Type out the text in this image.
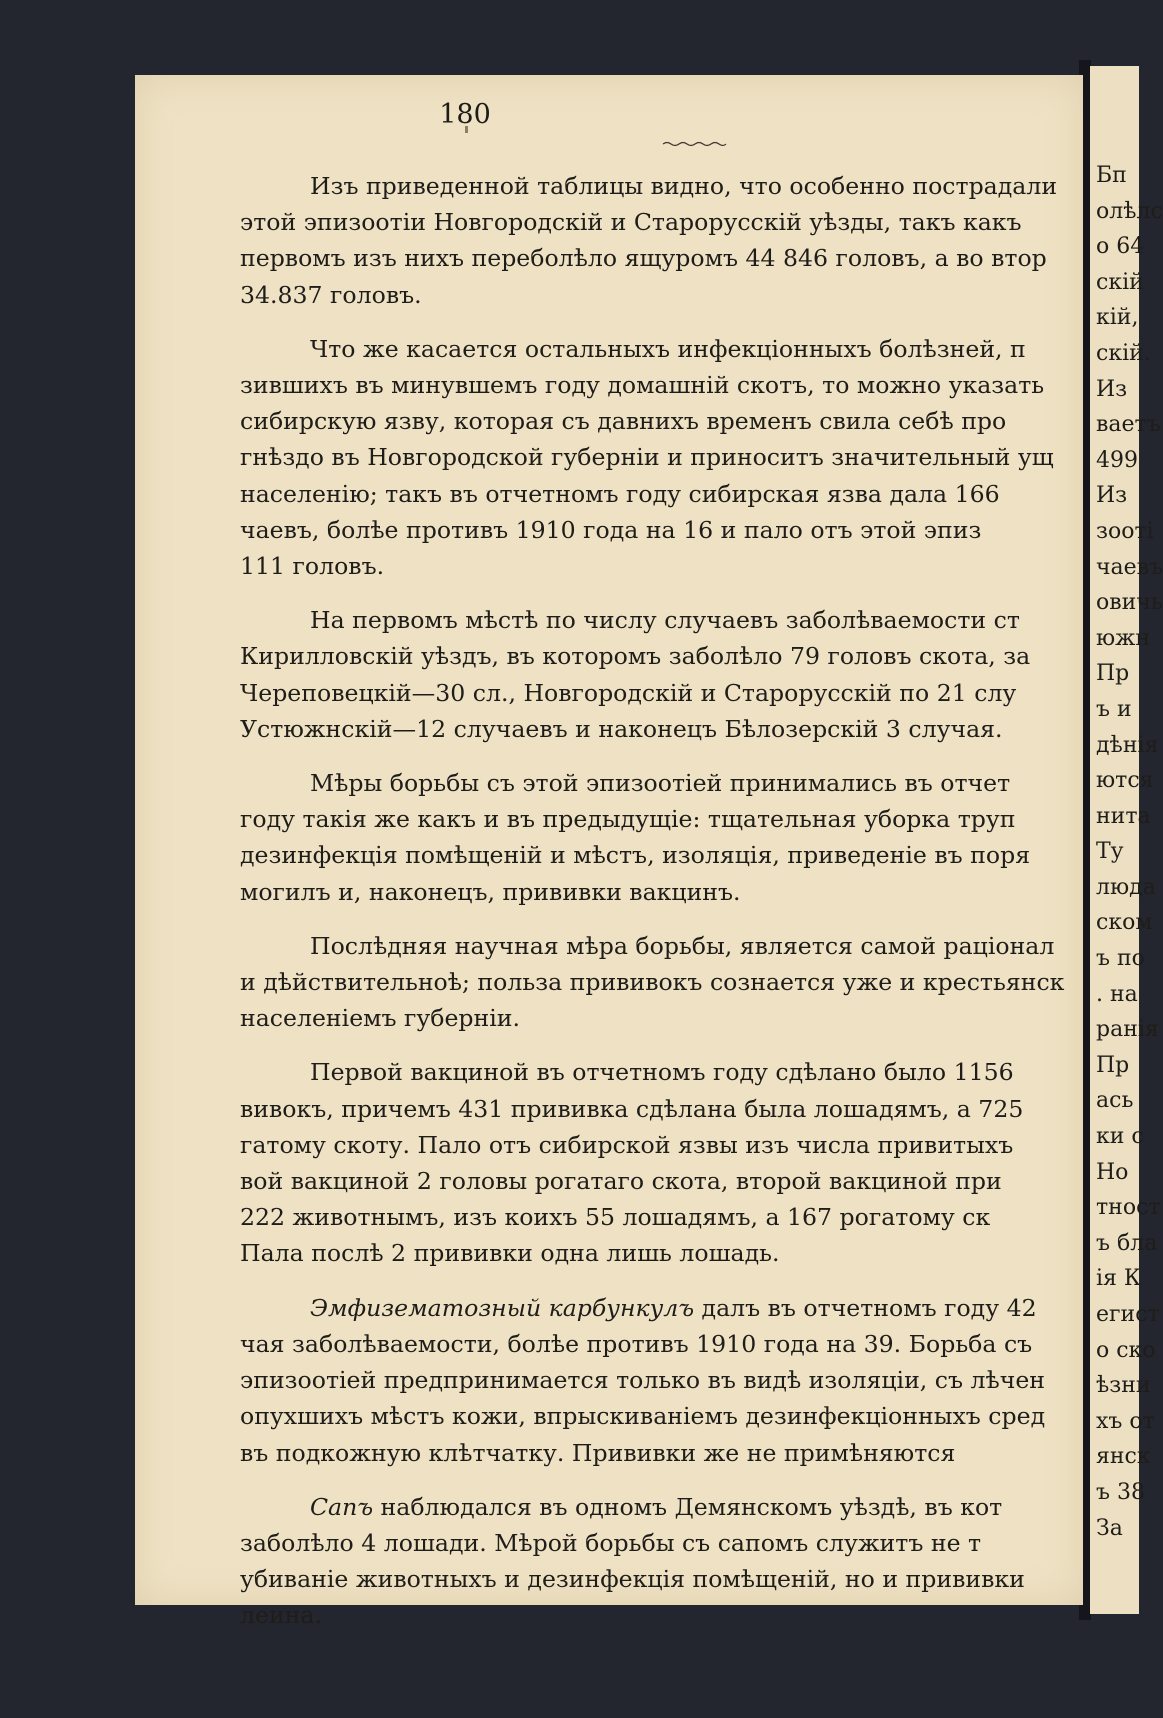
180

Изъ приведенной таблицы видно, что особенно пострадали
этой эпизоотіи Новгородскій и Старорусскій уѣзды, такъ какъ
первомъ изъ нихъ переболѣло ящуромъ 44 846 головъ, а во втор
34.837 головъ.

Что же касается остальныхъ инфекціонныхъ болѣзней, п
зившихъ въ минувшемъ году домашній скотъ, то можно указать
сибирскую язву, которая съ давнихъ временъ свила себѣ про
гнѣздо въ Новгородской губерніи и приноситъ значительный ущ
населенію; такъ въ отчетномъ году сибирская язва дала 166
чаевъ, болѣе противъ 1910 года на 16 и пало отъ этой эпиз
111 головъ.

На первомъ мѣстѣ по числу случаевъ заболѣваемости ст
Кирилловскій уѣздъ, въ которомъ заболѣло 79 головъ скота, за
Череповецкій—30 сл., Новгородскій и Старорусскій по 21 слу
Устюжнскій—12 случаевъ и наконецъ Бѣлозерскій 3 случая.

Мѣры борьбы съ этой эпизоотіей принимались въ отчет
году такія же какъ и въ предыдущіе: тщательная уборка труп
дезинфекція помѣщеній и мѣстъ, изоляція, приведеніе въ поря
могилъ и, наконецъ, прививки вакцинъ.

Послѣдняя научная мѣра борьбы, является самой раціонал
и дѣйствительноѣ; польза прививокъ сознается уже и крестьянск
населеніемъ губерніи.

Первой вакциной въ отчетномъ году сдѣлано было 1156
вивокъ, причемъ 431 прививка сдѣлана была лошадямъ, а 725
гатому скоту. Пало отъ сибирской язвы изъ числа привитыхъ
вой вакциной 2 головы рогатаго скота, второй вакциной при
222 животнымъ, изъ коихъ 55 лошадямъ, а 167 рогатому ск
Пала послѣ 2 прививки одна лишь лошадь.

Эмфизематозный карбункулъ далъ въ отчетномъ году 42
чая заболѣваемости, болѣе противъ 1910 года на 39. Борьба съ
эпизоотіей предпринимается только въ видѣ изоляціи, съ лѣчен
опухшихъ мѣстъ кожи, впрыскиваніемъ дезинфекціонныхъ сред
въ подкожную клѣтчатку. Прививки же не примѣняются

Сапъ наблюдался въ одномъ Демянскомъ уѣздѣ, въ кот
заболѣло 4 лошади. Мѣрой борьбы съ сапомъ служитъ не т
убиваніе животныхъ и дезинфекція помѣщеній, но и прививки
леина.

Бп
олѣлс
о 64
скій
кій,
скій.
Из
ваетъ
499
Из
зооті
чаевъ
овичь
южн
Пр
ъ и
дѣнія
ются
нита
Ту
люда
ском
ъ по
. на
ранія
Пр
ась
ки с
Но
тност
ъ бла
ія К
егист
о ско
ѣзни
хъ от
янск
ъ 38
За
